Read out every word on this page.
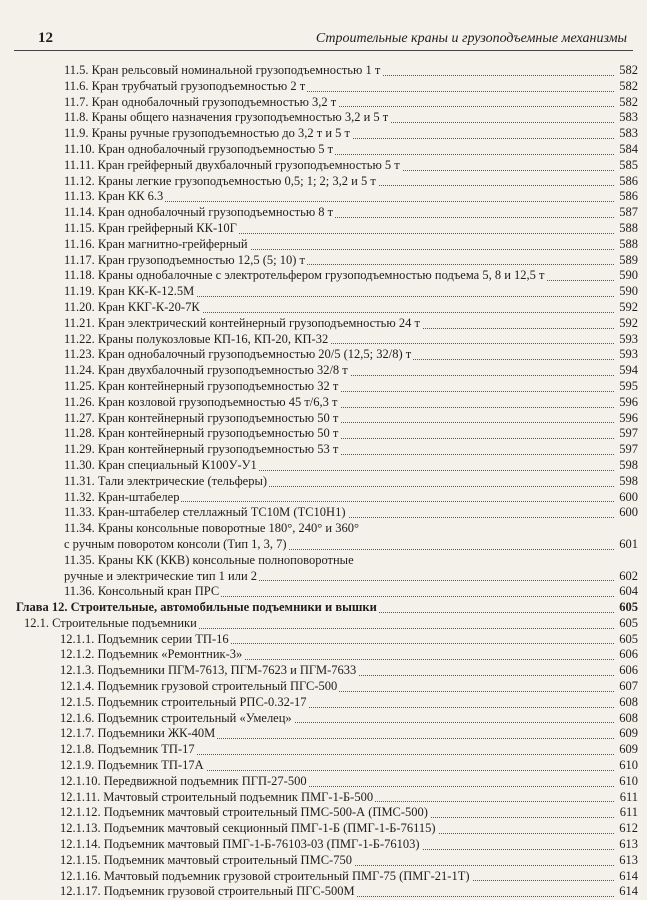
12	Строительные краны и грузоподъемные механизмы
11.5. Кран рельсовый номинальной грузоподъемностью 1 т	582
11.6. Кран трубчатый грузоподъемностью 2 т	582
11.7. Кран однобалочный грузоподъемностью 3,2 т	582
11.8. Краны общего назначения грузоподъемностью 3,2 и 5 т	583
11.9. Краны ручные грузоподъемностью до 3,2 т и 5 т	583
11.10. Кран однобалочный грузоподъемностью 5 т	584
11.11. Кран грейферный двухбалочный грузоподъемностью 5 т	585
11.12. Краны легкие грузоподъемностью 0,5; 1; 2; 3,2 и 5 т	586
11.13. Кран КК 6.3	586
11.14. Кран однобалочный грузоподъемностью 8 т	587
11.15. Кран грейферный КК-10Г	588
11.16. Кран магнитно-грейферный	588
11.17. Кран грузоподъемностью 12,5 (5; 10) т	589
11.18. Краны однобалочные с электротельфером грузоподъемностью подъема 5, 8 и 12,5 т	590
11.19. Кран КК-К-12.5М	590
11.20. Кран ККГ-К-20-7К	592
11.21. Кран электрический контейнерный грузоподъемностью 24 т	592
11.22. Краны полукозловые КП-16, КП-20, КП-32	593
11.23. Кран однобалочный грузоподъемностью 20/5 (12,5; 32/8) т	593
11.24. Кран двухбалочный грузоподъемностью 32/8 т	594
11.25. Кран контейнерный грузоподъемностью 32 т	595
11.26. Кран козловой грузоподъемностью 45 т/6,3 т	596
11.27. Кран контейнерный грузоподъемностью 50 т	596
11.28. Кран контейнерный грузоподъемностью 50 т	597
11.29. Кран контейнерный грузоподъемностью 53 т	597
11.30. Кран специальный К100У-У1	598
11.31. Тали электрические (тельферы)	598
11.32. Кран-штабелер	600
11.33. Кран-штабелер стеллажный ТС10М (ТС10Н1)	600
11.34. Краны консольные поворотные 180°, 240° и 360°
с ручным поворотом консоли (Тип 1, 3, 7)	601
11.35. Краны КК (ККВ) консольные полноповоротные
ручные и электрические тип 1 или 2	602
11.36. Консольный кран ПРС	604
Глава 12. Строительные, автомобильные подъемники и вышки	605
12.1. Строительные подъемники	605
12.1.1. Подъемник серии ТП-16	605
12.1.2. Подъемник «Ремонтник-3»	606
12.1.3. Подъемники ПГМ-7613, ПГМ-7623 и ПГМ-7633	606
12.1.4. Подъемник грузовой строительный ПГС-500	607
12.1.5. Подъемник строительный РПС-0.32-17	608
12.1.6. Подъемник строительный «Умелец»	608
12.1.7. Подъемники ЖК-40М	609
12.1.8. Подъемник ТП-17	609
12.1.9. Подъемник ТП-17А	610
12.1.10. Передвижной подъемник ПГП-27-500	610
12.1.11. Мачтовый строительный подъемник ПМГ-1-Б-500	611
12.1.12. Подъемник мачтовый строительный ПМС-500-А (ПМС-500)	611
12.1.13. Подъемник мачтовый секционный ПМГ-1-Б (ПМГ-1-Б-76115)	612
12.1.14. Подъемник мачтовый ПМГ-1-Б-76103-03 (ПМГ-1-Б-76103)	613
12.1.15. Подъемник мачтовый строительный ПМС-750	613
12.1.16. Мачтовый подъемник грузовой строительный ПМГ-75 (ПМГ-21-1Т)	614
12.1.17. Подъемник грузовой строительный ПГС-500М	614
